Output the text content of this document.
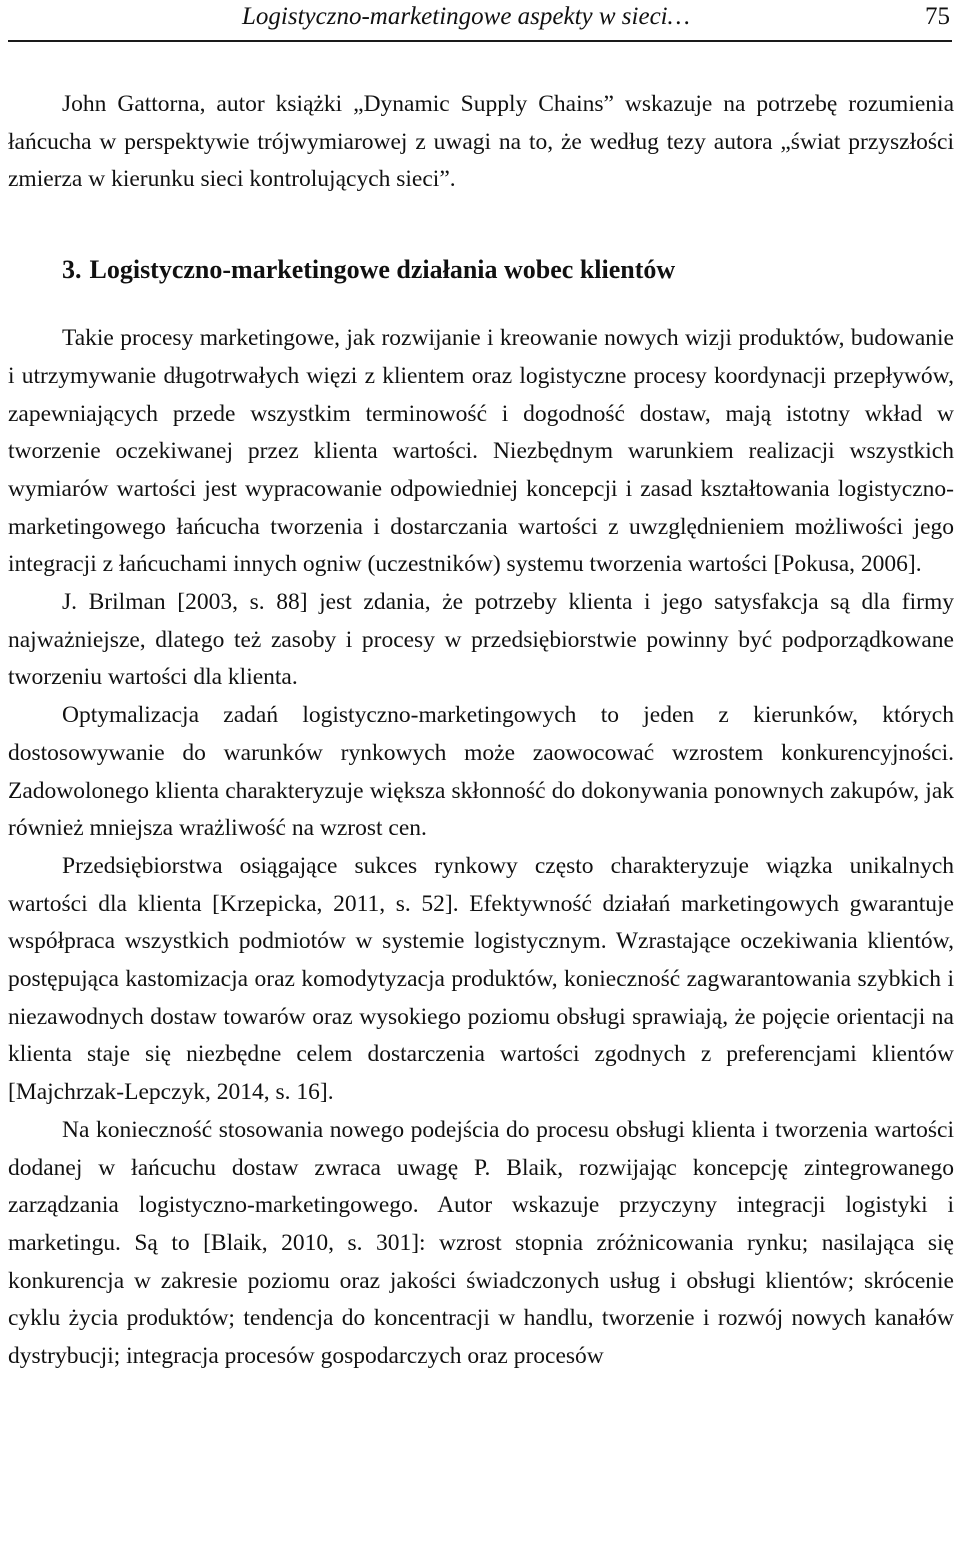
Logistyczno-marketingowe aspekty w sieci…	75

John Gattorna, autor książki „Dynamic Supply Chains” wskazuje na potrzebę rozumienia łańcucha w perspektywie trójwymiarowej z uwagi na to, że według tezy autora „świat przyszłości zmierza w kierunku sieci kontrolujących sieci”.

3. Logistyczno-marketingowe działania wobec klientów

Takie procesy marketingowe, jak rozwijanie i kreowanie nowych wizji produktów, budowanie i utrzymywanie długotrwałych więzi z klientem oraz logistyczne procesy koordynacji przepływów, zapewniających przede wszystkim terminowość i dogodność dostaw, mają istotny wkład w tworzenie oczekiwanej przez klienta wartości. Niezbędnym warunkiem realizacji wszystkich wymiarów wartości jest wypracowanie odpowiedniej koncepcji i zasad kształtowania logistyczno-marketingowego łańcucha tworzenia i dostarczania wartości z uwzględnieniem możliwości jego integracji z łańcuchami innych ogniw (uczestników) systemu tworzenia wartości [Pokusa, 2006].

J. Brilman [2003, s. 88] jest zdania, że potrzeby klienta i jego satysfakcja są dla firmy najważniejsze, dlatego też zasoby i procesy w przedsiębiorstwie powinny być podporządkowane tworzeniu wartości dla klienta.

Optymalizacja zadań logistyczno-marketingowych to jeden z kierunków, których dostosowywanie do warunków rynkowych może zaowocować wzrostem konkurencyjności. Zadowolonego klienta charakteryzuje większa skłonność do dokonywania ponownych zakupów, jak również mniejsza wrażliwość na wzrost cen.

Przedsiębiorstwa osiągające sukces rynkowy często charakteryzuje wiązka unikalnych wartości dla klienta [Krzepicka, 2011, s. 52]. Efektywność działań marketingowych gwarantuje współpraca wszystkich podmiotów w systemie logistycznym. Wzrastające oczekiwania klientów, postępująca kastomizacja oraz komodytyzacja produktów, konieczność zagwarantowania szybkich i niezawodnych dostaw towarów oraz wysokiego poziomu obsługi sprawiają, że pojęcie orientacji na klienta staje się niezbędne celem dostarczenia wartości zgodnych z preferencjami klientów [Majchrzak-Lepczyk, 2014, s. 16].

Na konieczność stosowania nowego podejścia do procesu obsługi klienta i tworzenia wartości dodanej w łańcuchu dostaw zwraca uwagę P. Blaik, rozwijając koncepcję zintegrowanego zarządzania logistyczno-marketingowego. Autor wskazuje przyczyny integracji logistyki i marketingu. Są to [Blaik, 2010, s. 301]: wzrost stopnia zróżnicowania rynku; nasilająca się konkurencja w zakresie poziomu oraz jakości świadczonych usług i obsługi klientów; skrócenie cyklu życia produktów; tendencja do koncentracji w handlu, tworzenie i rozwój nowych kanałów dystrybucji; integracja procesów gospodarczych oraz procesów
